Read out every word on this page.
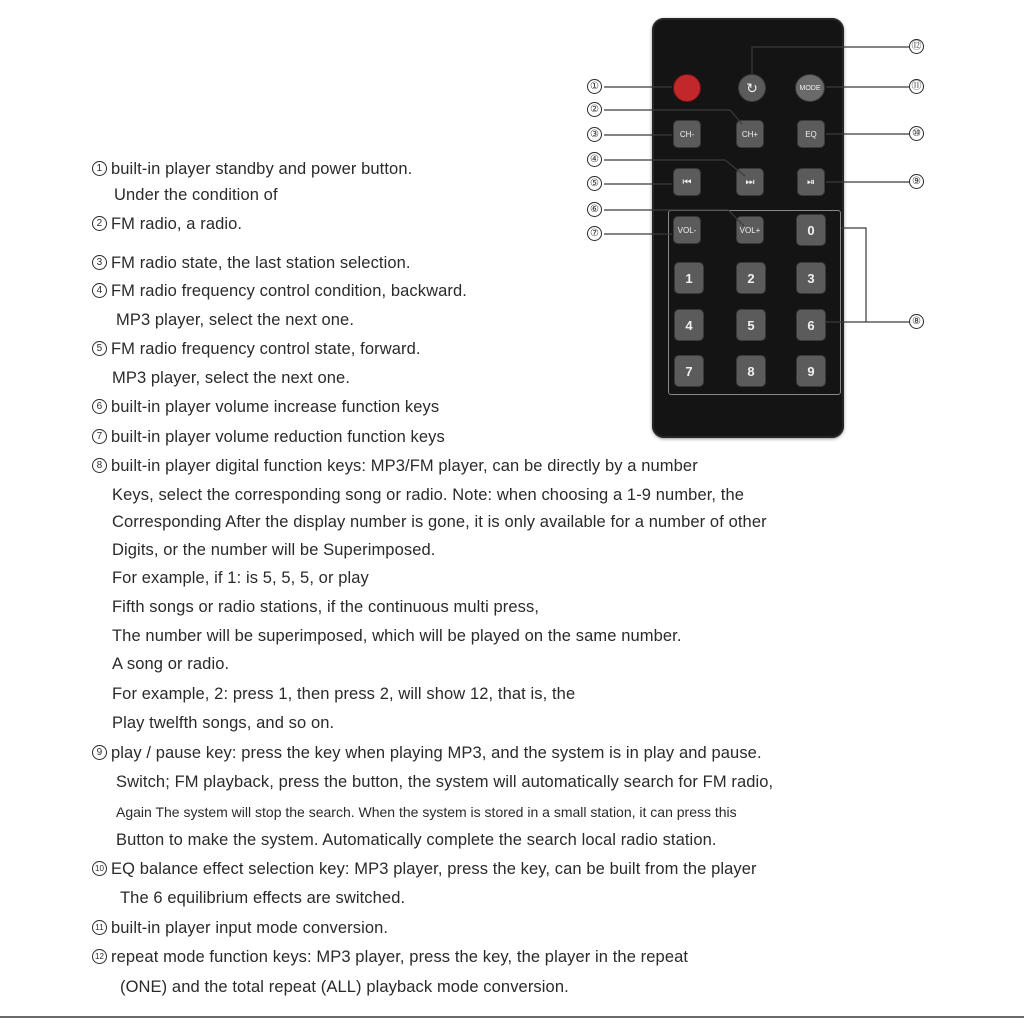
↻	MODE
CH-	CH+	EQ
⏮	⏭	⏯
VOL-	VOL+	0
1	2	3
4	5	6
7	8	9
①
②
③
④
⑤
⑥
⑦
⑧
⑨
⑩
⑪
⑫
1 built-in player standby and power button.
Under the condition of
2 FM radio, a radio.
3 FM radio state, the last station selection.
4 FM radio frequency control condition, backward.
MP3 player, select the next one.
5 FM radio frequency control state, forward.
MP3 player, select the next one.
6 built-in player volume increase function keys
7 built-in player volume reduction function keys
8 built-in player digital function keys: MP3/FM player, can be directly by a number
Keys, select the corresponding song or radio. Note: when choosing a 1-9 number, the
Corresponding After the display number is gone, it is only available for a number of other
Digits, or the number will be Superimposed.
For example, if 1: is 5, 5, 5, or play
Fifth songs or radio stations, if the continuous multi press,
The number will be superimposed, which will be played on the same number.
A song or radio.
For example, 2: press 1, then press 2, will show 12, that is, the
Play twelfth songs, and so on.
9 play / pause key: press the key when playing MP3, and the system is in play and pause.
Switch; FM playback, press the button, the system will automatically search for FM radio,
Again The system will stop the search. When the system is stored in a small station, it can press this
Button to make the system. Automatically complete the search local radio station.
10 EQ balance effect selection key: MP3 player, press the key, can be built from the player
The 6 equilibrium effects are switched.
11 built-in player input mode conversion.
12 repeat mode function keys: MP3 player, press the key, the player in the repeat
(ONE) and the total repeat (ALL) playback mode conversion.
